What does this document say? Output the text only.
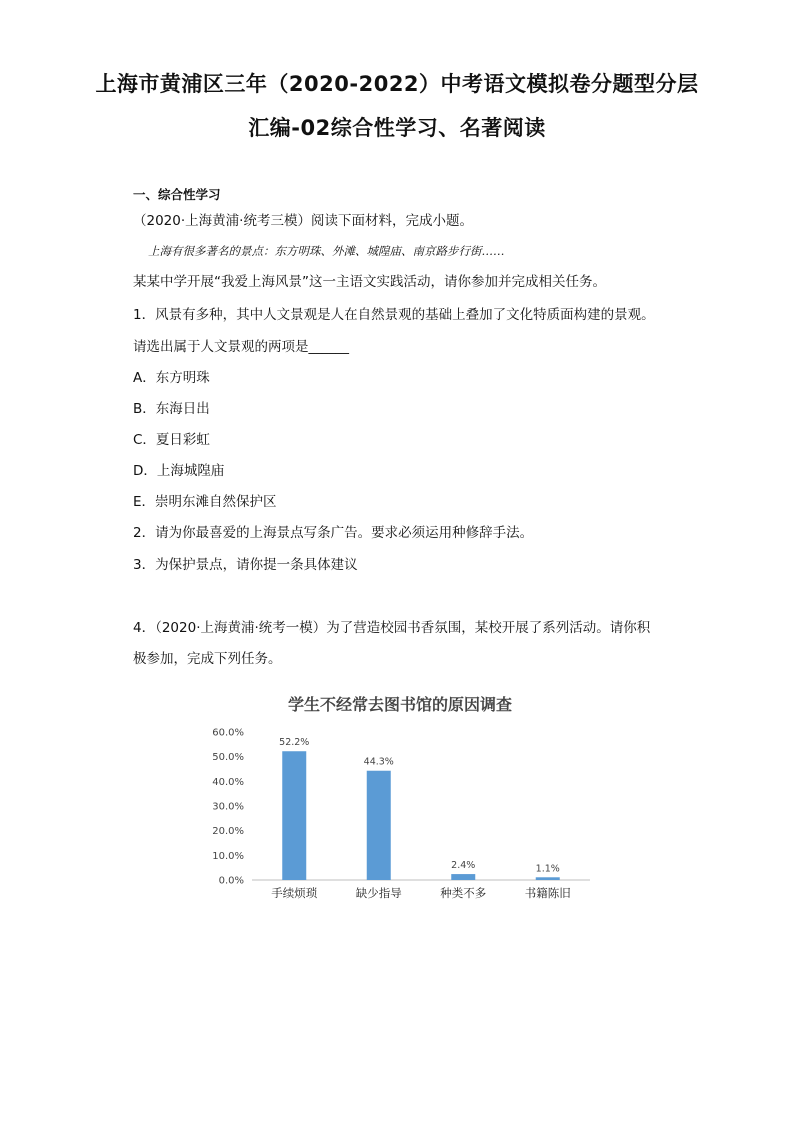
上海市黄浦区三年（2020-2022）中考语文模拟卷分题型分层
汇编-02综合性学习、名著阅读
一、综合性学习
（2020·上海黄浦·统考三模）阅读下面材料，完成小题。
上海有很多著名的景点：东方明珠、外滩、城隍庙、南京路步行街……
某某中学开展“我爱上海风景”这一主语文实践活动，请你参加并完成相关任务。
1．风景有多种，其中人文景观是人在自然景观的基础上叠加了文化特质面构建的景观。
请选出属于人文景观的两项是______
A．东方明珠
B．东海日出
C．夏日彩虹
D．上海城隍庙
E．崇明东滩自然保护区
2．请为你最喜爱的上海景点写条广告。要求必须运用种修辞手法。
3．为保护景点，请你提一条具体建议
4．（2020·上海黄浦·统考一模）为了营造校园书香氛围，某校开展了系列活动。请你积
极参加，完成下列任务。
学生不经常去图书馆的原因调查
0.0%
10.0%
20.0%
30.0%
40.0%
50.0%
60.0%
52.2%
手续烦琐
44.3%
缺少指导
2.4%
种类不多
1.1%
书籍陈旧
